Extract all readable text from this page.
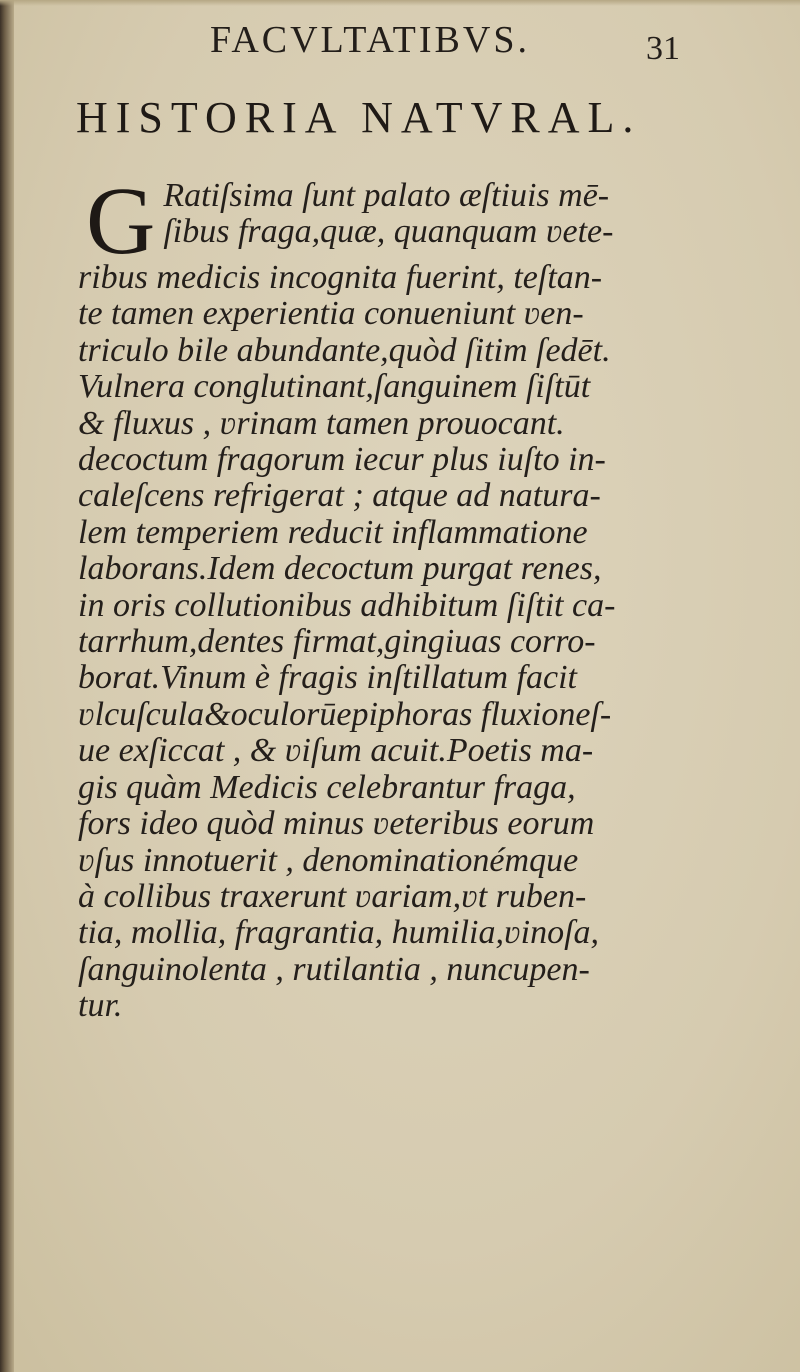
FACVLTATIBVS.	31
HISTORIA NATVRAL.
G Ratiſsima ſunt palato æſtiuis mē-
ſibus fraga,quæ, quanquam ʋete-
ribus medicis incognita fuerint, teſtan-
te tamen experientia conueniunt ʋen-
triculo bile abundante,quòd ſitim ſedēt.
Vulnera conglutinant,ſanguinem ſiſtūt
& fluxus , ʋrinam tamen prouocant.
decoctum fragorum iecur plus iuſto in-
caleſcens refrigerat ; atque ad natura-
lem temperiem reducit inflammatione
laborans.Idem decoctum purgat renes,
in oris collutionibus adhibitum ſiſtit ca-
tarrhum,dentes firmat,gingiuas corro-
borat.Vinum è fragis inſtillatum facit
ʋlcuſcula&oculorūepiphoras fluxioneſ-
ue exſiccat , & ʋiſum acuit.Poetis ma-
gis quàm Medicis celebrantur fraga,
fors ideo quòd minus ʋeteribus eorum
ʋſus innotuerit , denominationémque
à collibus traxerunt ʋariam,ʋt ruben-
tia, mollia, fragrantia, humilia,ʋinoſa,
ſanguinolenta , rutilantia , nuncupen-
tur.
